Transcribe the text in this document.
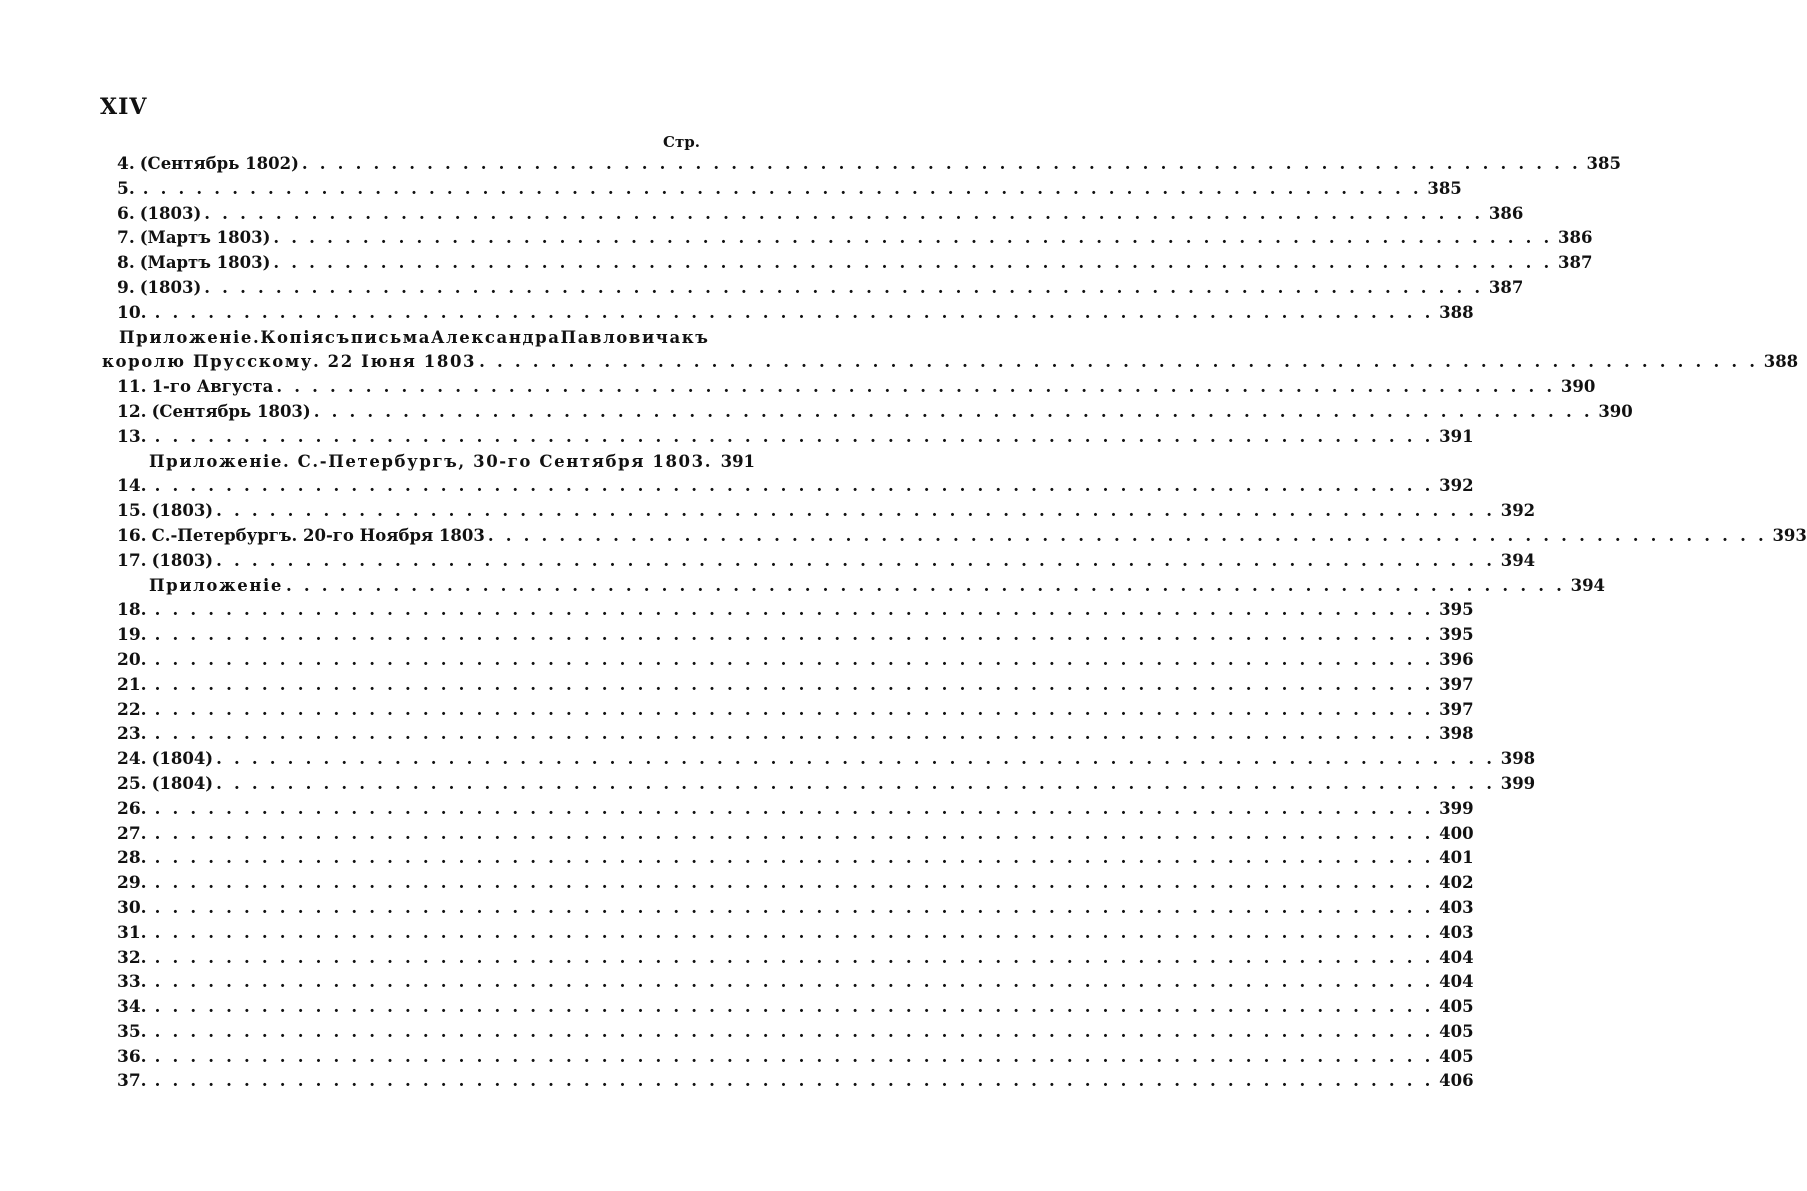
XIV
Стр.
4. (Сентябрь 1802) . . .	385
5. . . .	385
6. (1803) . . .	386
7. (Мартъ 1803) . . .	386
8. (Мартъ 1803) . . .	387
9. (1803) . . .	387
10. . . .	388
Приложеніе. Копія съ письма Александра Павловича къ
королю Прусскому. 22 Іюня 1803 . . .	388
11. 1-го Августа . . .	390
12. (Сентябрь 1803) . . .	390
13. . . .	391
Приложеніе. С.-Петербургъ, 30-го Сентября 1803. 391
14. . . .	392
15. (1803) . . .	392
16. С.-Петербургъ. 20-го Ноября 1803 . . .	393
17. (1803) . . .	394
Приложеніе . . .	394
18. . . .	395
19. . . .	395
20. . . .	396
21. . . .	397
22. . . .	397
23. . . .	398
24. (1804) . . .	398
25. (1804) . . .	399
26. . . .	399
27. . . .	400
28. . . .	401
29. . . .	402
30. . . .	403
31. . . .	403
32. . . .	404
33. . . .	404
34. . . .	405
35. . . .	405
36. . . .	405
37. . . .	406
